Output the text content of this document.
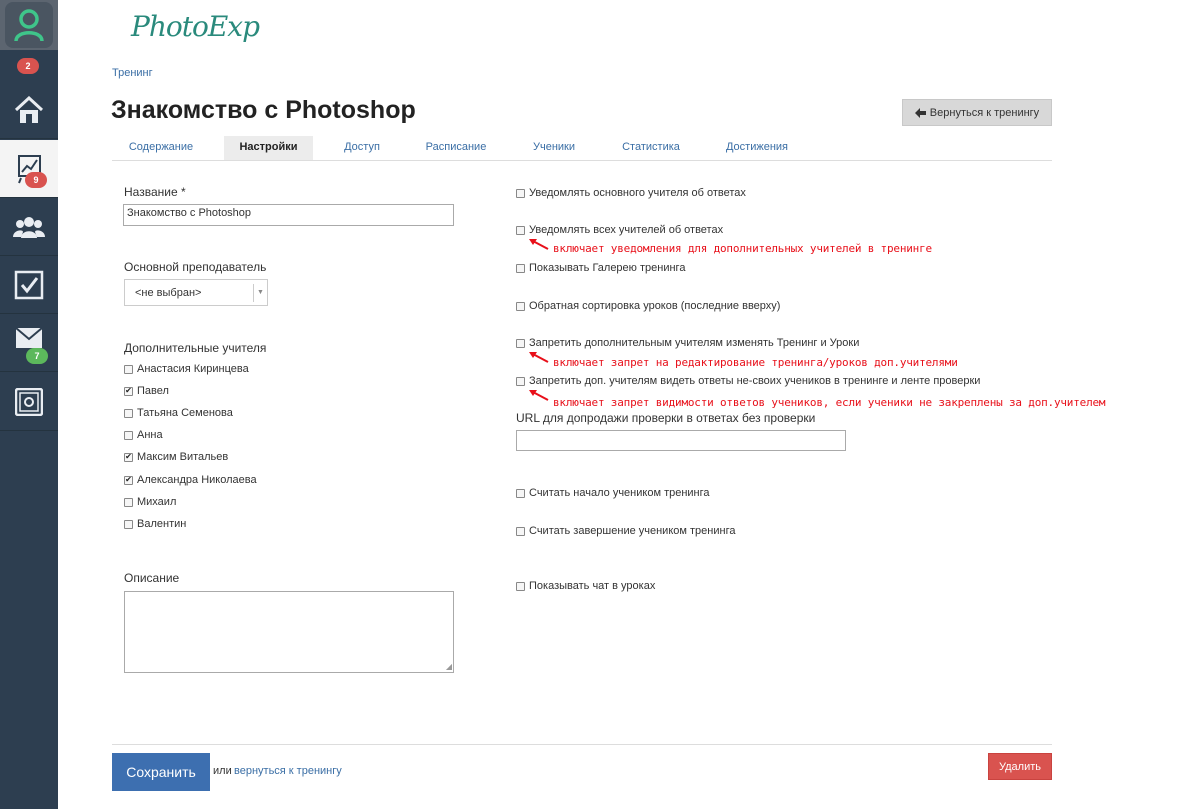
2
9
7
PhotoExp
Тренинг
Знакомство с Photoshop	Вернуться к тренингу
Содержание	Настройки	Доступ	Расписание	Ученики	Статистика	Достижения
Название *
Знакомство с Photoshop
Основной преподаватель
<не выбран>	▼
Дополнительные учителя
Анастасия Киринцева
✔ Павел
Татьяна Семенова
Анна
✔ Максим Витальев
✔ Александра Николаева
Михаил
Валентин
Описание
◢
Уведомлять основного учителя об ответах
Уведомлять всех учителей об ответах
включает уведомления для дополнительных учителей в тренинге
Показывать Галерею тренинга
Обратная сортировка уроков (последние вверху)
Запретить дополнительным учителям изменять Тренинг и Уроки
включает запрет на редактирование тренинга/уроков доп.учителями
Запретить доп. учителям видеть ответы не-своих учеников в тренинге и ленте проверки
включает запрет видимости ответов учеников, если ученики не закреплены за доп.учителем
URL для допродажи проверки в ответах без проверки
Считать начало учеником тренинга
Считать завершение учеником тренинга
Показывать чат в уроках
Сохранить	или вернуться к тренингу	Удалить
